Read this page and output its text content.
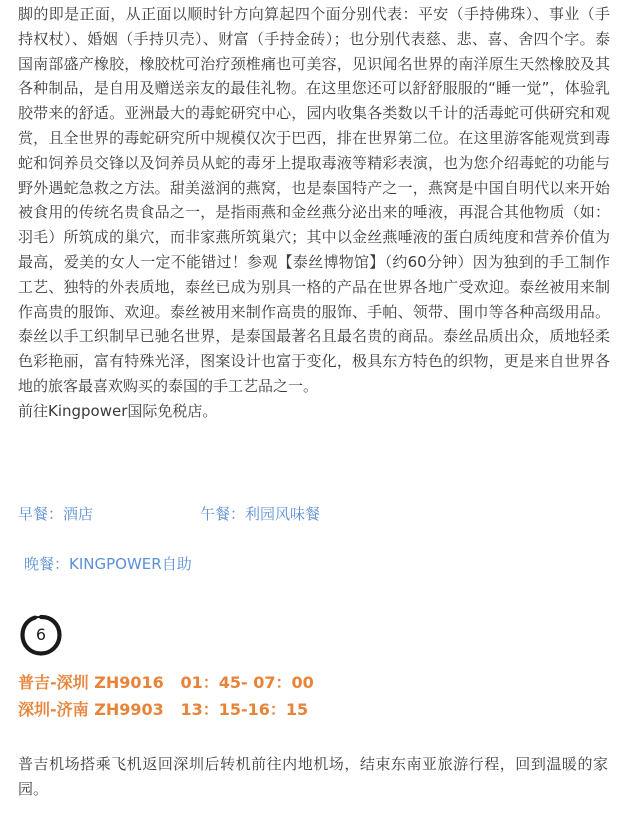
脚的即是正面，从正面以顺时针方向算起四个面分别代表：平安（手持佛珠）、事业（手持权杖）、婚姻（手持贝壳）、财富（手持金砖）；也分别代表慈、悲、喜、舍四个字。泰国南部盛产橡胶，橡胶枕可治疗颈椎痛也可美容，见识闻名世界的南洋原生天然橡胶及其各种制品，是自用及赠送亲友的最佳礼物。在这里您还可以舒舒服服的“睡一觉”，体验乳胶带来的舒适。亚洲最大的毒蛇研究中心，园内收集各类数以千计的活毒蛇可供研究和观赏，且全世界的毒蛇研究所中规模仅次于巴西，排在世界第二位。在这里游客能观赏到毒蛇和饲养员交锋以及饲养员从蛇的毒牙上提取毒液等精彩表演，也为您介绍毒蛇的功能与野外遇蛇急救之方法。甜美滋润的燕窝，也是泰国特产之一，燕窝是中国自明代以来开始被食用的传统名贵食品之一，是指雨燕和金丝燕分泌出来的唾液，再混合其他物质（如：羽毛）所筑成的巢穴，而非家燕所筑巢穴；其中以金丝燕唾液的蛋白质纯度和营养价值为最高，爱美的女人一定不能错过！参观【泰丝博物馆】（约60分钟）因为独到的手工制作工艺、独特的外表质地，泰丝已成为别具一格的产品在世界各地广受欢迎。泰丝被用来制作高贵的服饰、欢迎。泰丝被用来制作高贵的服饰、手帕、领带、围巾等各种高级用品。 泰丝以手工织制早已驰名世界，是泰国最著名且最名贵的商品。泰丝品质出众，质地轻柔色彩艳丽，富有特殊光泽，图案设计也富于变化，极具东方特色的织物，更是来自世界各地的旅客最喜欢购买的泰国的手工艺品之一。
前往Kingpower国际免税店。

早餐：酒店	午餐：利园风味餐
晚餐：KINGPOWER自助
6
普吉-深圳 ZH9016   01：45- 07：00
深圳-济南 ZH9903   13：15-16：15

普吉机场搭乘飞机返回深圳后转机前往内地机场，结束东南亚旅游行程，回到温暖的家园。
